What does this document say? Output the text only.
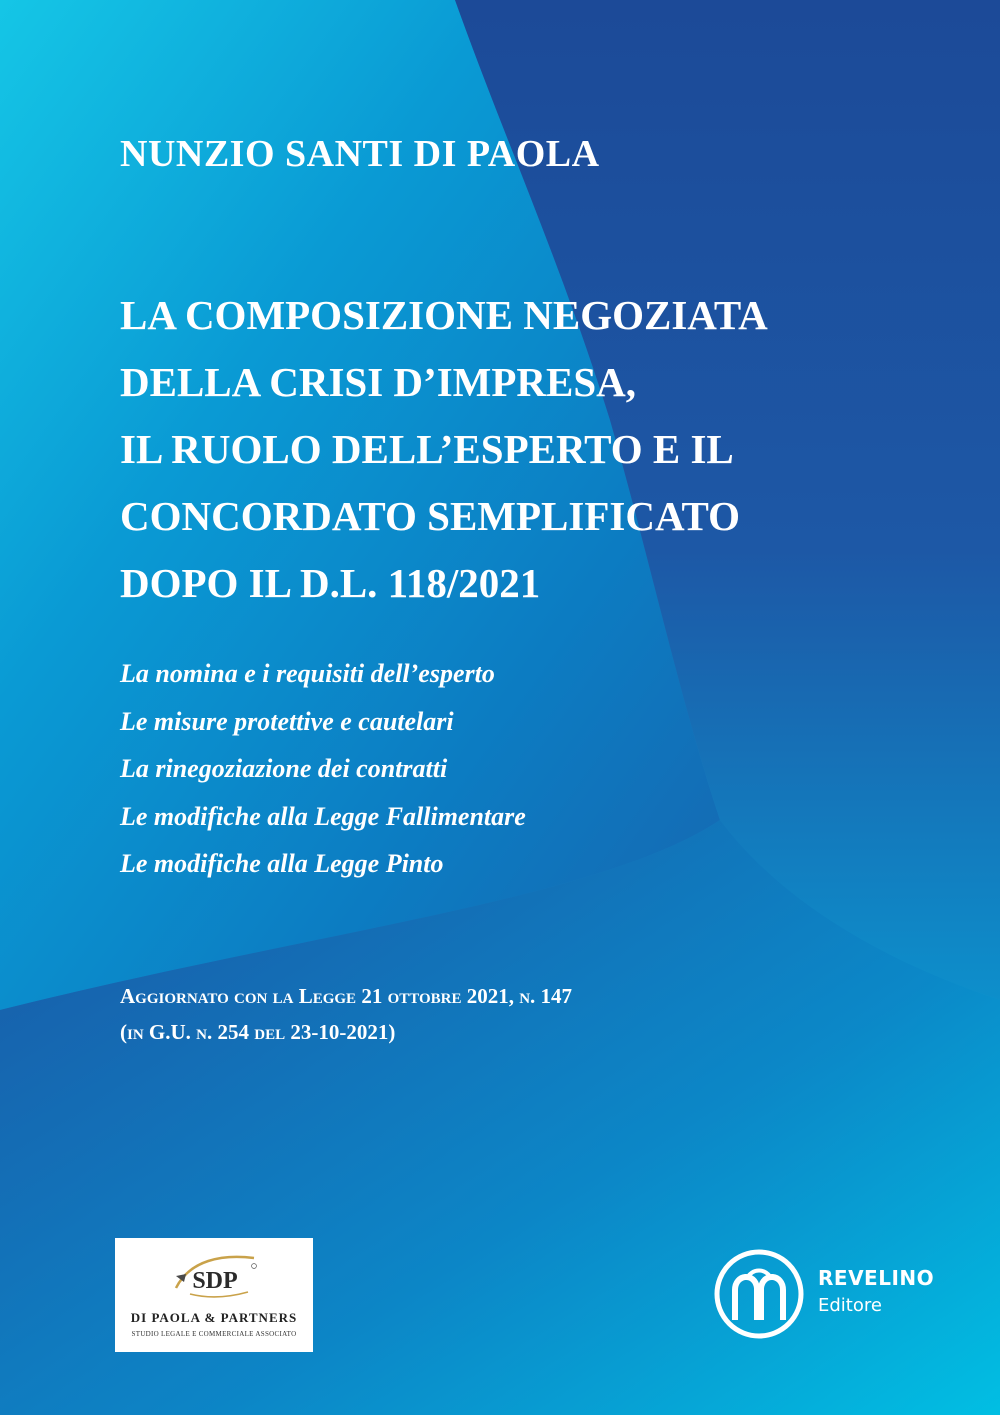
NUNZIO SANTI DI PAOLA
LA COMPOSIZIONE NEGOZIATA
DELLA CRISI D’IMPRESA,
IL RUOLO DELL’ESPERTO E IL
CONCORDATO SEMPLIFICATO
DOPO IL D.L. 118/2021
La nomina e i requisiti dell’esperto
Le misure protettive e cautelari
La rinegoziazione dei contratti
Le modifiche alla Legge Fallimentare
Le modifiche alla Legge Pinto
Aggiornato con la Legge 21 ottobre 2021, n. 147
(in G.U. n. 254 del 23-10-2021)
SDP
DI PAOLA & PARTNERS
STUDIO LEGALE E COMMERCIALE ASSOCIATO
REVELINO
Editore
